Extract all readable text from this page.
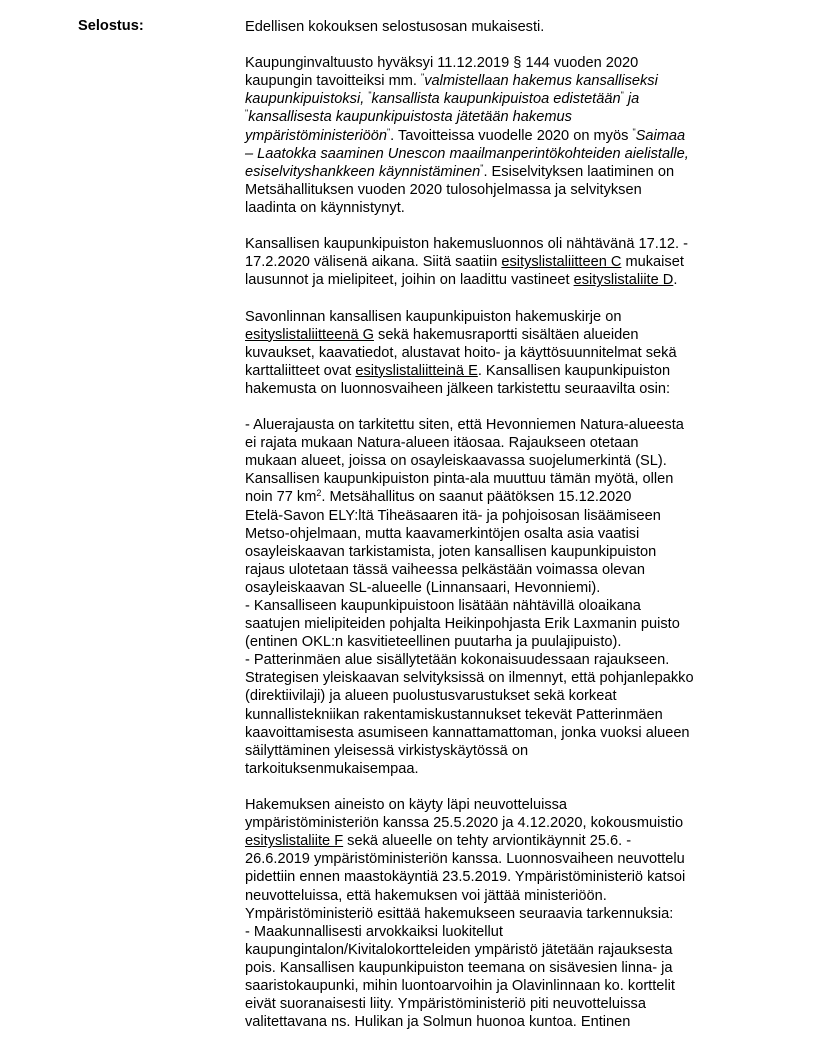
Selostus:	Edellisen kokouksen selostusosan mukaisesti.
Kaupunginvaltuusto hyväksyi 11.12.2019 § 144 vuoden 2020
kaupungin tavoitteiksi mm. "valmistellaan hakemus kansalliseksi
kaupunkipuistoksi, "kansallista kaupunkipuistoa edistetään" ja
"kansallisesta kaupunkipuistosta jätetään hakemus
ympäristöministeriöön". Tavoitteissa vuodelle 2020 on myös "Saimaa
– Laatokka saaminen Unescon maailmanperintökohteiden aielistalle,
esiselvityshankkeen käynnistäminen". Esiselvityksen laatiminen on
Metsähallituksen vuoden 2020 tulosohjelmassa ja selvityksen
laadinta on käynnistynyt.
Kansallisen kaupunkipuiston hakemusluonnos oli nähtävänä 17.12. -
17.2.2020 välisenä aikana. Siitä saatiin esityslistaliitteen C mukaiset
lausunnot ja mielipiteet, joihin on laadittu vastineet esityslistaliite D.
Savonlinnan kansallisen kaupunkipuiston hakemuskirje on
esityslistaliitteenä G sekä hakemusraportti sisältäen alueiden
kuvaukset, kaavatiedot, alustavat hoito- ja käyttösuunnitelmat sekä
karttaliitteet ovat esityslistaliitteinä E. Kansallisen kaupunkipuiston
hakemusta on luonnosvaiheen jälkeen tarkistettu seuraavilta osin:
- Aluerajausta on tarkitettu siten, että Hevonniemen Natura-alueesta
ei rajata mukaan Natura-alueen itäosaa. Rajaukseen otetaan
mukaan alueet, joissa on osayleiskaavassa suojelumerkintä (SL).
Kansallisen kaupunkipuiston pinta-ala muuttuu tämän myötä, ollen
noin 77 $km^2$. Metsähallitus on saanut päätöksen 15.12.2020
Etelä-Savon ELY:ltä Tiheäsaaren itä- ja pohjoisosan lisäämiseen
Metso-ohjelmaan, mutta kaavamerkintöjen osalta asia vaatisi
osayleiskaavan tarkistamista, joten kansallisen kaupunkipuiston
rajaus ulotetaan tässä vaiheessa pelkästään voimassa olevan
osayleiskaavan SL-alueelle (Linnansaari, Hevonniemi).
- Kansalliseen kaupunkipuistoon lisätään nähtävillä oloaikana
saatujen mielipiteiden pohjalta Heikinpohjasta Erik Laxmanin puisto
(entinen OKL:n kasvitieteellinen puutarha ja puulajipuisto).
- Patterinmäen alue sisällytetään kokonaisuudessaan rajaukseen.
Strategisen yleiskaavan selvityksissä on ilmennyt, että pohjanlepakko
(direktiivilaji) ja alueen puolustusvarustukset sekä korkeat
kunnallistekniikan rakentamiskustannukset tekevät Patterinmäen
kaavoittamisesta asumiseen kannattamattoman, jonka vuoksi alueen
säilyttäminen yleisessä virkistyskäytössä on
tarkoituksenmukaisempaa.
Hakemuksen aineisto on käyty läpi neuvotteluissa
ympäristöministeriön kanssa 25.5.2020 ja 4.12.2020, kokousmuistio
esityslistaliite F sekä alueelle on tehty arviontikäynnit 25.6. -
26.6.2019 ympäristöministeriön kanssa. Luonnosvaiheen neuvottelu
pidettiin ennen maastokäyntiä 23.5.2019. Ympäristöministeriö katsoi
neuvotteluissa, että hakemuksen voi jättää ministeriöön.
Ympäristöministeriö esittää hakemukseen seuraavia tarkennuksia:
- Maakunnallisesti arvokkaiksi luokitellut
kaupungintalon/Kivitalokortteleiden ympäristö jätetään rajauksesta
pois. Kansallisen kaupunkipuiston teemana on sisävesien linna- ja
saaristokaupunki, mihin luontoarvoihin ja Olavinlinnaan ko. korttelit
eivät suoranaisesti liity. Ympäristöministeriö piti neuvotteluissa
valitettavana ns. Hulikan ja Solmun huonoa kuntoa. Entinen
